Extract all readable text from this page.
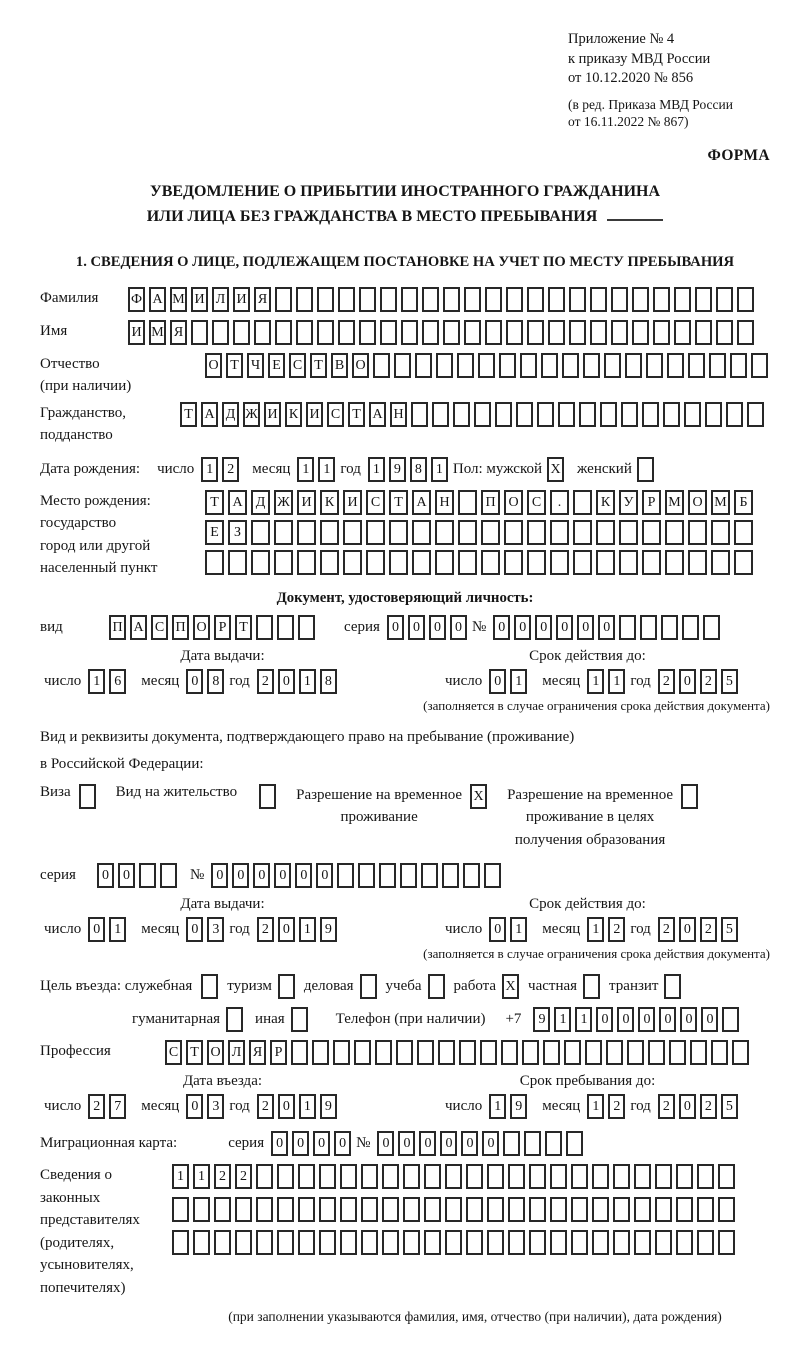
Приложение № 4
к приказу МВД России
от 10.12.2020 № 856
(в ред. Приказа МВД России
от 16.11.2022 № 867)
ФОРМА
УВЕДОМЛЕНИЕ О ПРИБЫТИИ ИНОСТРАННОГО ГРАЖДАНИНА
ИЛИ ЛИЦА БЕЗ ГРАЖДАНСТВА В МЕСТО ПРЕБЫВАНИЯ
1. СВЕДЕНИЯ О ЛИЦЕ, ПОДЛЕЖАЩЕМ ПОСТАНОВКЕ НА УЧЕТ ПО МЕСТУ ПРЕБЫВАНИЯ
Фамилия	Ф А М И Л И Я
Имя	И М Я
Отчество
(при наличии)
О Т Ч Е С Т В О
Гражданство,
подданство
Т А Д Ж И К И С Т А Н
Дата рождения: число 1	2	месяц 1	1 год 1	9	8	1 Пол: мужской X женский
Место рождения:
государство
город или другой
населенный пункт
Т А Д Ж И К И С	Т А Н	П О С	.	К У	Р М О М Б
Е	З
Документ, удостоверяющий личность:
вид	П А С П О Р Т	серия 0	0	0	0 № 0	0	0	0	0	0
Дата выдачи:
число 1	6	месяц 0	8 год 2	0	1	8
Срок действия до:
число 0	1	месяц 1	1 год 2	0	2	5
(заполняется в случае ограничения срока действия документа)
Вид и реквизиты документа, подтверждающего право на пребывание (проживание)
в Российской Федерации:
Виза	Вид на жительство	Разрешение на временное
проживание
X Разрешение на временное
проживание в целях
получения образования
серия	0	0	№ 0	0	0	0	0	0
Дата выдачи:
число 0	1	месяц 0	3 год 2	0	1	9
Срок действия до:
число 0	1	месяц 1	2 год 2	0	2	5
(заполняется в случае ограничения срока действия документа)
Цель въезда: служебная туризм деловая учеба работа X частная транзит
гуманитарная иная	Телефон (при наличии) +7	9	1	1	0	0	0	0	0	0
Профессия	С Т О Л Я Р
Дата въезда:
число 2	7	месяц 0	3 год 2	0	1	9
Срок пребывания до:
число 1	9	месяц 1	2 год 2	0	2	5
Миграционная карта:	серия 0	0	0	0 № 0	0	0	0	0	0
Сведения о
законных
представителях
(родителях,
усыновителях,
попечителях)
1	1	2	2
(при заполнении указываются фамилия, имя, отчество (при наличии), дата рождения)
